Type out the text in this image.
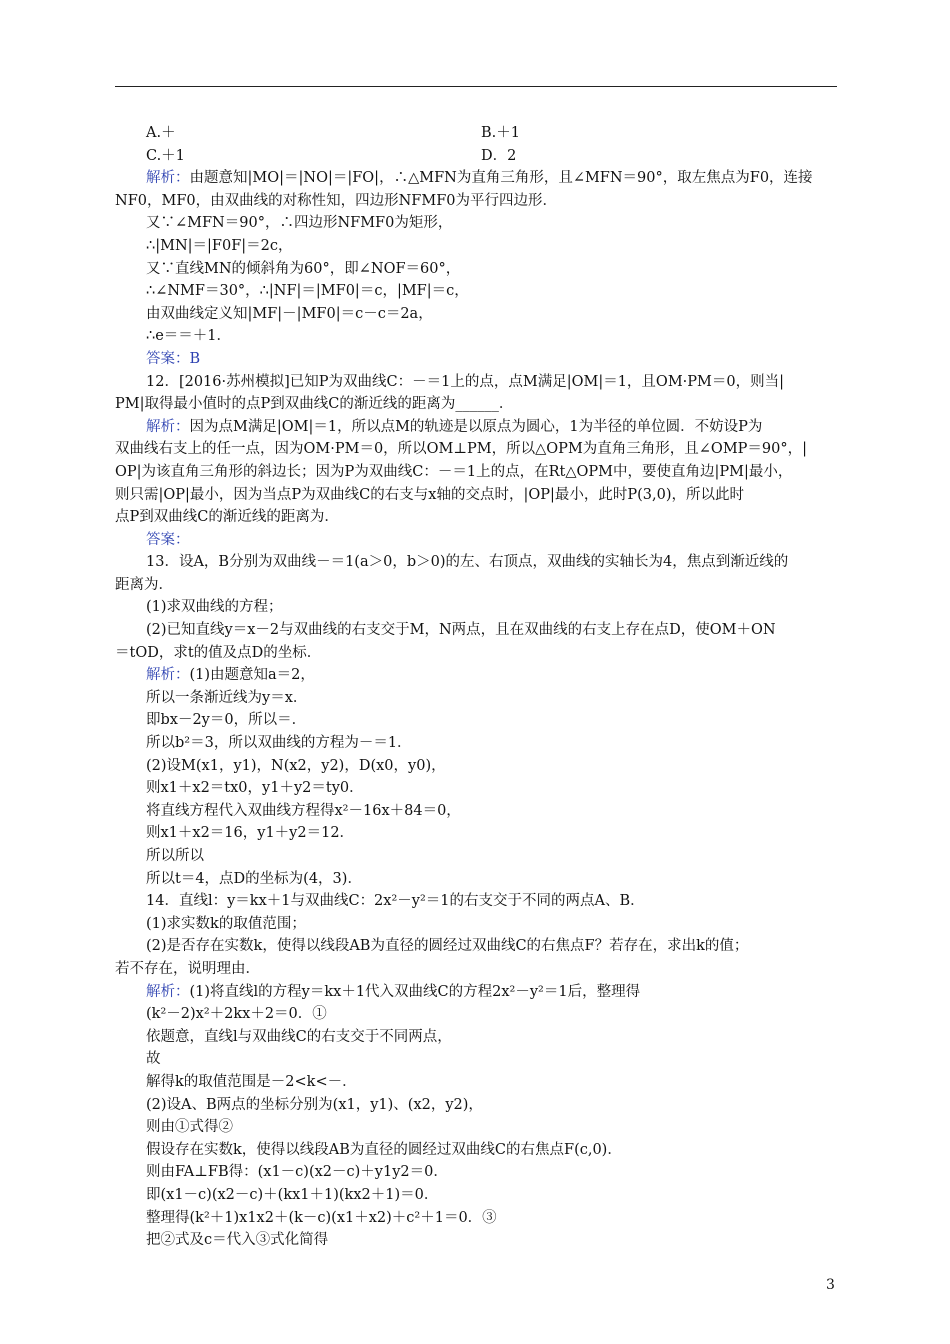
A.＋	B.＋1
C.＋1	D．2
解析：由题意知|MO|＝|NO|＝|FO|，∴△MFN为直角三角形，且∠MFN＝90°，取左焦点为F0，连接
NF0，MF0，由双曲线的对称性知，四边形NFMF0为平行四边形．
又∵∠MFN＝90°，∴四边形NFMF0为矩形，
∴|MN|＝|F0F|＝2c，
又∵直线MN的倾斜角为60°，即∠NOF＝60°，
∴∠NMF＝30°，∴|NF|＝|MF0|＝c，|MF|＝c，
由双曲线定义知|MF|－|MF0|＝c－c＝2a，
∴e＝＝＋1．
答案：B
12．[2016·苏州模拟]已知P为双曲线C：－＝1上的点，点M满足|OM|＝1，且OM·PM＝0，则当|
PM|取得最小值时的点P到双曲线C的渐近线的距离为______．
解析：因为点M满足|OM|＝1，所以点M的轨迹是以原点为圆心，1为半径的单位圆．不妨设P为
双曲线右支上的任一点，因为OM·PM＝0，所以OM⊥PM，所以△OPM为直角三角形，且∠OMP＝90°，|
OP|为该直角三角形的斜边长；因为P为双曲线C：－＝1上的点，在Rt△OPM中，要使直角边|PM|最小，
则只需|OP|最小，因为当点P为双曲线C的右支与x轴的交点时，|OP|最小，此时P(3,0)，所以此时
点P到双曲线C的渐近线的距离为．
答案：
13．设A，B分别为双曲线－＝1(a＞0，b＞0)的左、右顶点，双曲线的实轴长为4，焦点到渐近线的
距离为．
(1)求双曲线的方程；
(2)已知直线y＝x－2与双曲线的右支交于M，N两点，且在双曲线的右支上存在点D，使OM＋ON
＝tOD，求t的值及点D的坐标．
解析：(1)由题意知a＝2，
所以一条渐近线为y＝x．
即bx－2y＝0，所以＝．
所以b²＝3，所以双曲线的方程为－＝1．
(2)设M(x1，y1)，N(x2，y2)，D(x0，y0)，
则x1＋x2＝tx0，y1＋y2＝ty0．
将直线方程代入双曲线方程得x²－16x＋84＝0，
则x1＋x2＝16，y1＋y2＝12．
所以所以
所以t＝4，点D的坐标为(4，3)．
14．直线l：y＝kx＋1与双曲线C：2x²－y²＝1的右支交于不同的两点A、B．
(1)求实数k的取值范围；
(2)是否存在实数k，使得以线段AB为直径的圆经过双曲线C的右焦点F？若存在，求出k的值；
若不存在，说明理由．
解析：(1)将直线l的方程y＝kx＋1代入双曲线C的方程2x²－y²＝1后，整理得
(k²－2)x²＋2kx＋2＝0．①
依题意，直线l与双曲线C的右支交于不同两点，
故
解得k的取值范围是－2<k<－．
(2)设A、B两点的坐标分别为(x1，y1)、(x2，y2)，
则由①式得②
假设存在实数k，使得以线段AB为直径的圆经过双曲线C的右焦点F(c,0)．
则由FA⊥FB得：(x1－c)(x2－c)＋y1y2＝0．
即(x1－c)(x2－c)＋(kx1＋1)(kx2＋1)＝0．
整理得(k²＋1)x1x2＋(k－c)(x1＋x2)＋c²＋1＝0．③
把②式及c＝代入③式化简得
3
